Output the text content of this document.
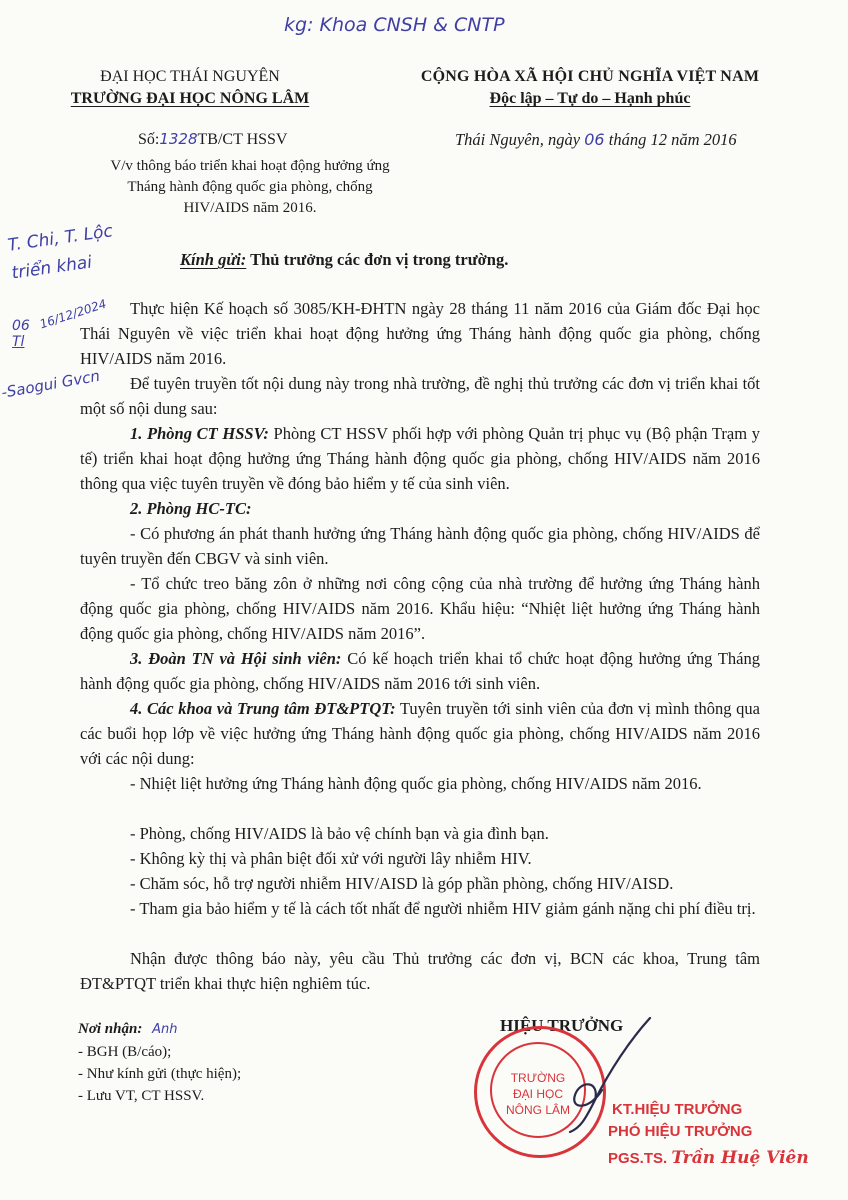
kg: Khoa CNSH & CNTP
ĐẠI HỌC THÁI NGUYÊN
TRƯỜNG ĐẠI HỌC NÔNG LÂM
CỘNG HÒA XÃ HỘI CHỦ NGHĨA VIỆT NAM
Độc lập – Tự do – Hạnh phúc
Số:1328TB/CT HSSV	Thái Nguyên, ngày 06 tháng 12 năm 2016
V/v thông báo triển khai hoạt động hưởng ứng Tháng hành động quốc gia phòng, chống HIV/AIDS năm 2016.
T. Chi, T. Lộc
triển khai
06
Tl
16/12/2024
-Saogui Gvcn
Kính gửi: Thủ trưởng các đơn vị trong trường.
Thực hiện Kế hoạch số 3085/KH-ĐHTN ngày 28 tháng 11 năm 2016 của Giám đốc Đại học Thái Nguyên về việc triển khai hoạt động hưởng ứng Tháng hành động quốc gia phòng, chống HIV/AIDS năm 2016.
Để tuyên truyền tốt nội dung này trong nhà trường, đề nghị thủ trưởng các đơn vị triển khai tốt một số nội dung sau:
1. Phòng CT HSSV: Phòng CT HSSV phối hợp với phòng Quản trị phục vụ (Bộ phận Trạm y tế) triển khai hoạt động hưởng ứng Tháng hành động quốc gia phòng, chống HIV/AIDS năm 2016 thông qua việc tuyên truyền về đóng bảo hiểm y tế của sinh viên.
2. Phòng HC-TC:
- Có phương án phát thanh hưởng ứng Tháng hành động quốc gia phòng, chống HIV/AIDS để tuyên truyền đến CBGV và sinh viên.
- Tổ chức treo băng zôn ở những nơi công cộng của nhà trường để hưởng ứng Tháng hành động quốc gia phòng, chống HIV/AIDS năm 2016. Khẩu hiệu: “Nhiệt liệt hưởng ứng Tháng hành động quốc gia phòng, chống HIV/AIDS năm 2016”.
3. Đoàn TN và Hội sinh viên: Có kế hoạch triển khai tổ chức hoạt động hưởng ứng Tháng hành động quốc gia phòng, chống HIV/AIDS năm 2016 tới sinh viên.
4. Các khoa và Trung tâm ĐT&PTQT: Tuyên truyền tới sinh viên của đơn vị mình thông qua các buổi họp lớp về việc hưởng ứng Tháng hành động quốc gia phòng, chống HIV/AIDS năm 2016 với các nội dung:
- Nhiệt liệt hưởng ứng Tháng hành động quốc gia phòng, chống HIV/AIDS năm 2016.
- Phòng, chống HIV/AIDS là bảo vệ chính bạn và gia đình bạn.
- Không kỳ thị và phân biệt đối xử với người lây nhiễm HIV.
- Chăm sóc, hỗ trợ người nhiễm HIV/AISD là góp phần phòng, chống HIV/AISD.
- Tham gia bảo hiểm y tế là cách tốt nhất để người nhiễm HIV giảm gánh nặng chi phí điều trị.
Nhận được thông báo này, yêu cầu Thủ trưởng các đơn vị, BCN các khoa, Trung tâm ĐT&PTQT triển khai thực hiện nghiêm túc.
Nơi nhận: Anh
- BGH (B/cáo);
- Như kính gửi (thực hiện);
- Lưu VT, CT HSSV.
HIỆU TRƯỞNG
TRƯỜNG
ĐẠI HỌC
NÔNG LÂM	KT.HIỆU TRƯỞNG
PHÓ HIỆU TRƯỞNG
PGS.TS. Trần Huệ Viên
